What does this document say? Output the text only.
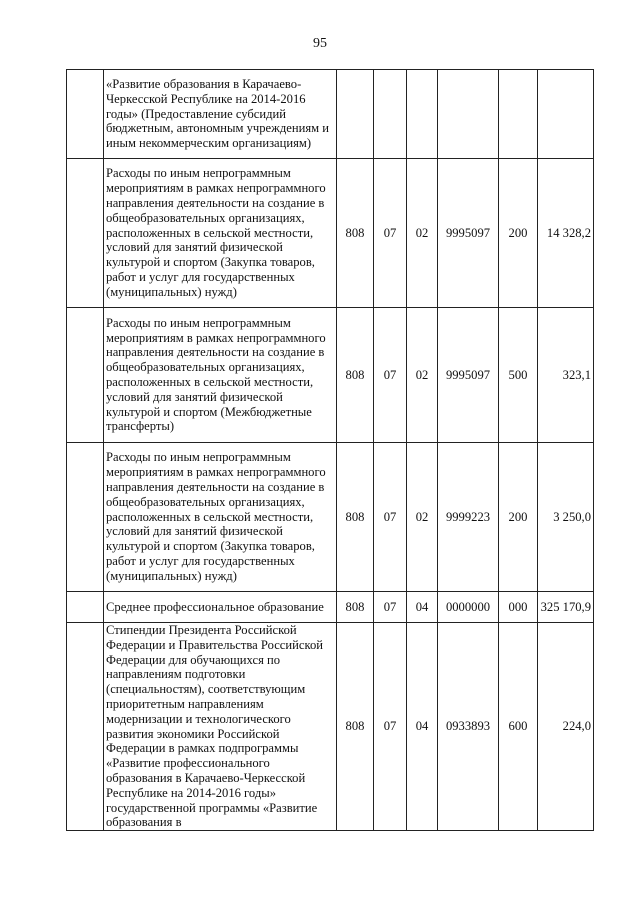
95
	«Развитие образования в Карачаево-Черкесской Республике на 2014-2016 годы» (Предоставление субсидий бюджетным, автономным учреждениям и иным некоммерческим организациям)						
	Расходы по иным непрограммным мероприятиям в рамках непрограммного направления деятельности на создание в общеобразовательных организациях, расположенных в сельской местности, условий для занятий физической культурой и спортом (Закупка товаров, работ и услуг для государственных (муниципальных) нужд)	808	07	02	9995097	200	14 328,2
	Расходы по иным непрограммным мероприятиям в рамках непрограммного направления деятельности на создание в общеобразовательных организациях, расположенных в сельской местности, условий для занятий физической культурой и спортом (Межбюджетные трансферты)	808	07	02	9995097	500	323,1
	Расходы по иным непрограммным мероприятиям в рамках непрограммного направления деятельности на создание в общеобразовательных организациях, расположенных в сельской местности, условий для занятий физической культурой и спортом (Закупка товаров, работ и услуг для государственных (муниципальных) нужд)	808	07	02	9999223	200	3 250,0
	Среднее профессиональное образование	808	07	04	0000000	000	325 170,9
	Стипендии Президента Российской Федерации и Правительства Российской Федерации для обучающихся по направлениям подготовки (специальностям), соответствующим приоритетным направлениям модернизации и технологического развития экономики Российской Федерации в рамках подпрограммы «Развитие профессионального образования в Карачаево-Черкесской Республике на 2014-2016 годы» государственной программы «Развитие образования в	808	07	04	0933893	600	224,0
